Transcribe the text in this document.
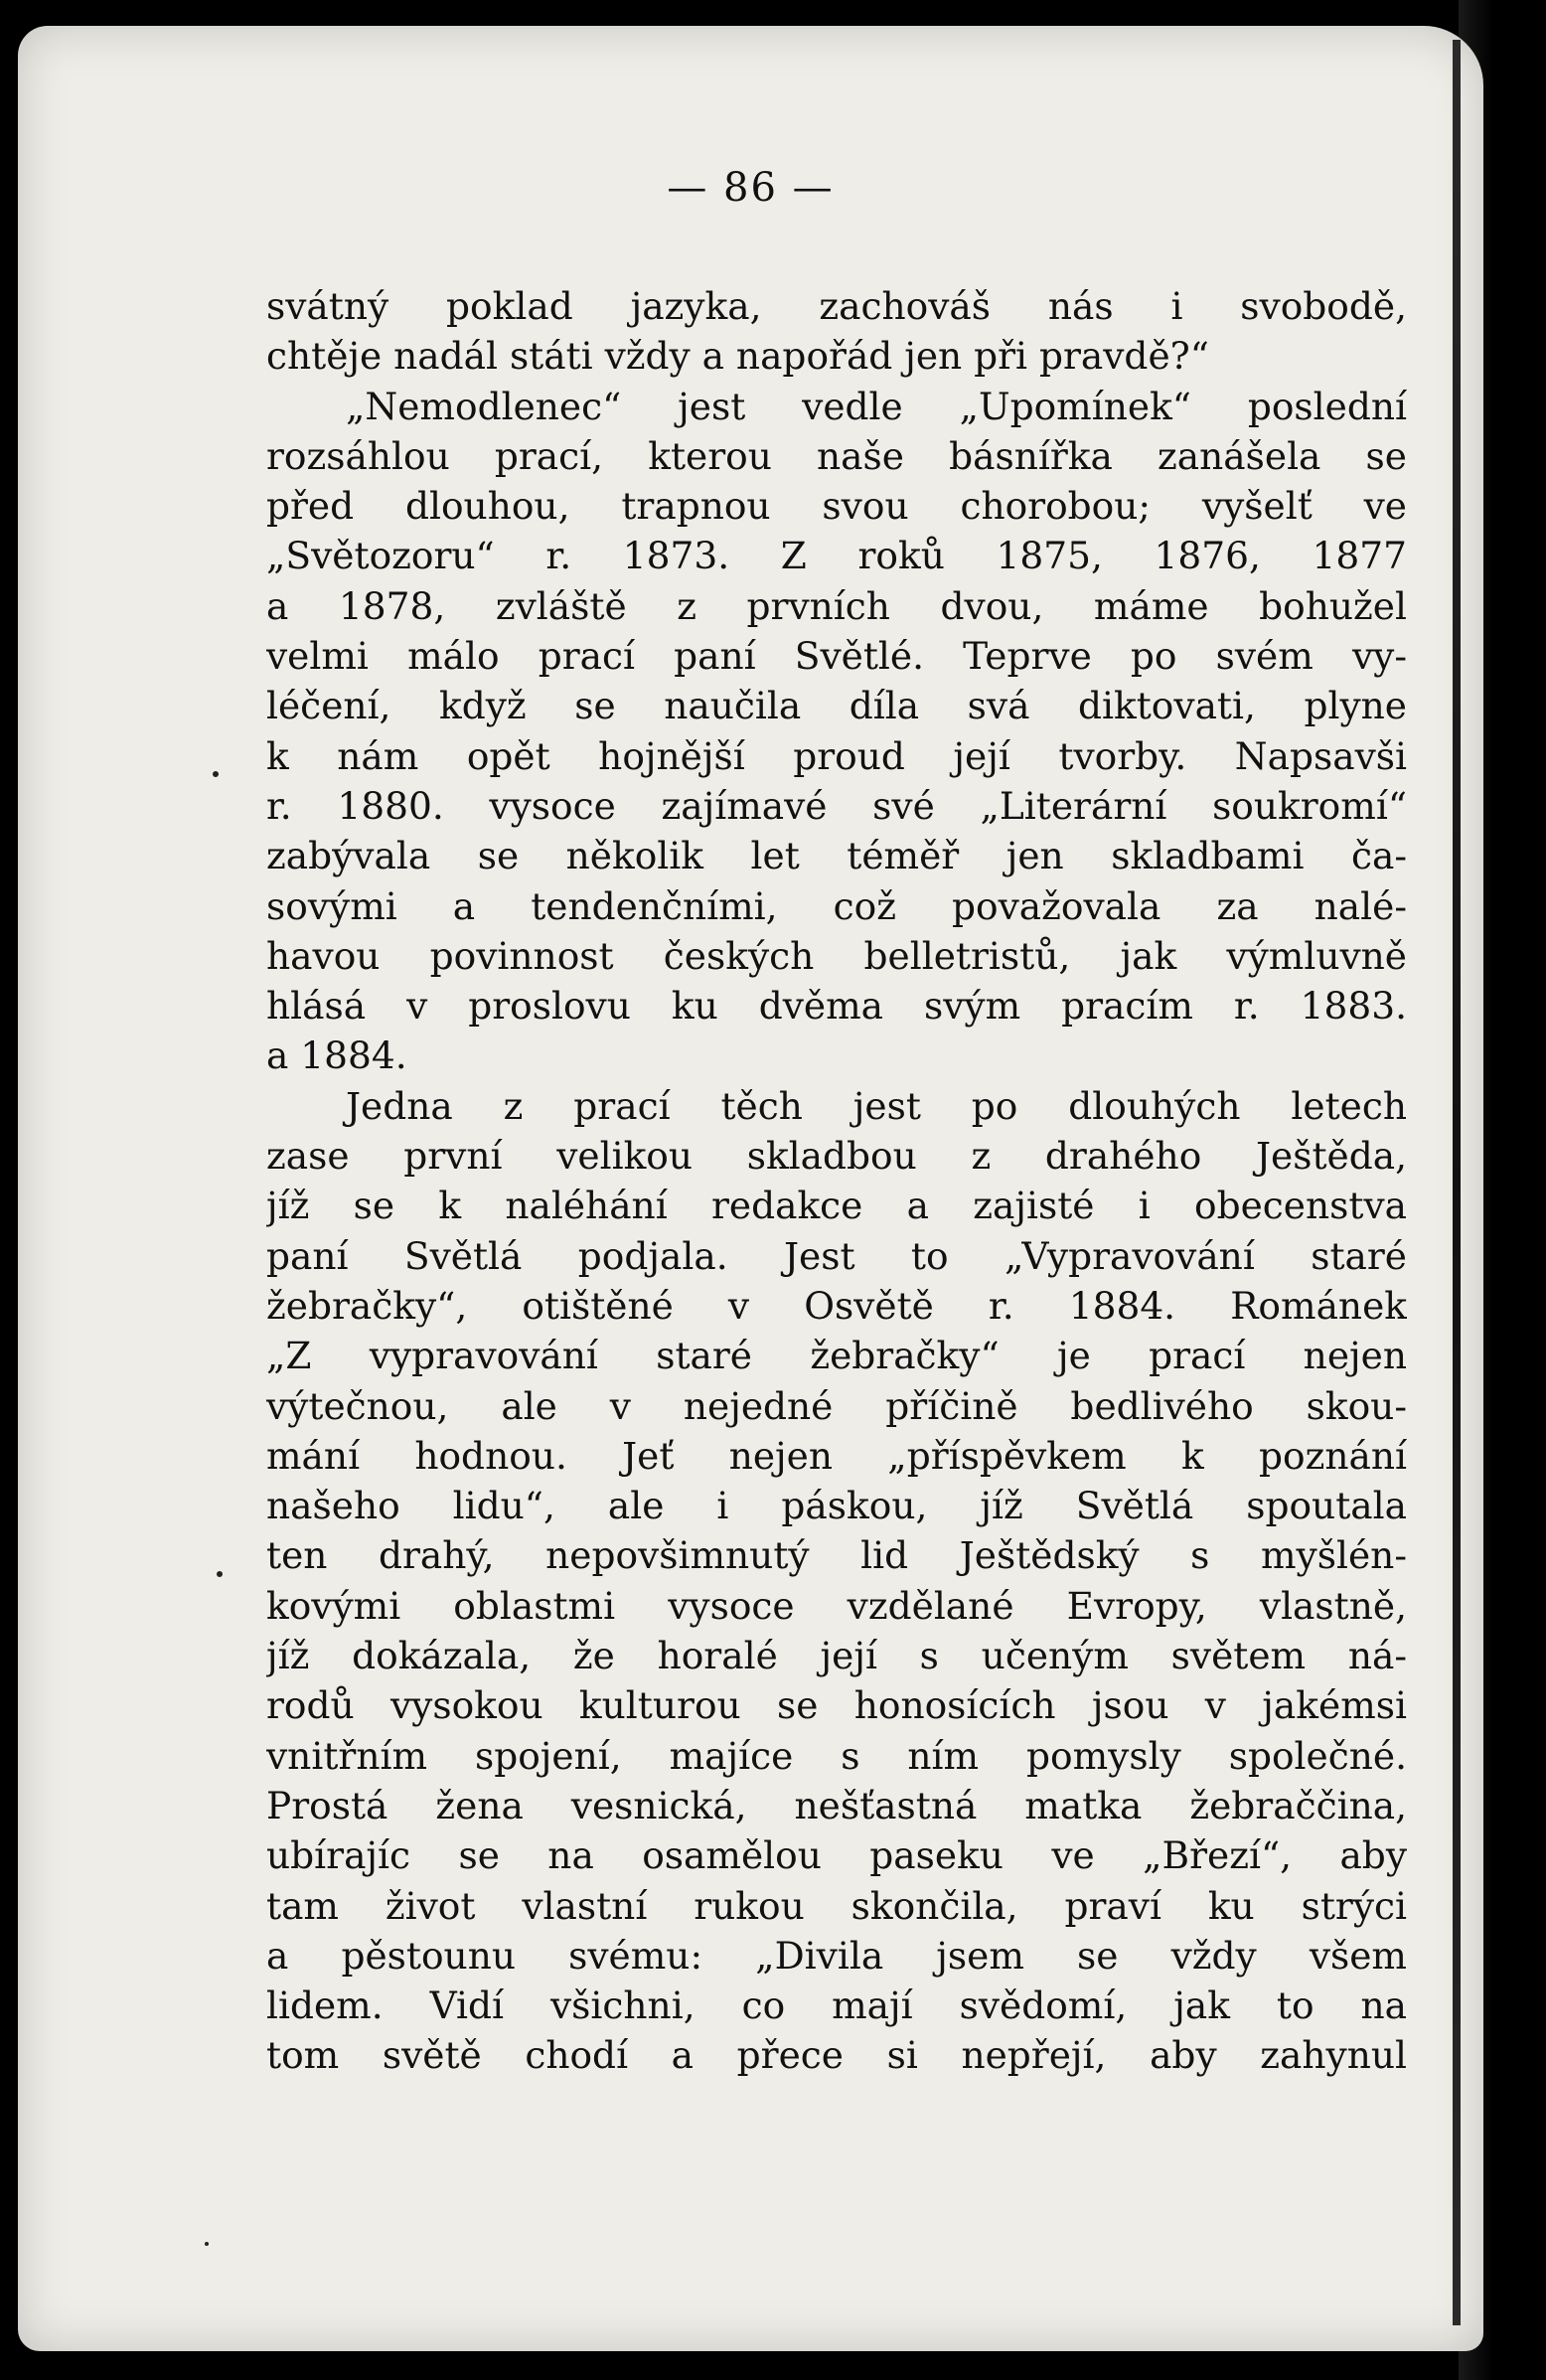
— 86 —
svátný poklad jazyka, zachováš nás i svobodě,
chtěje nadál státi vždy a napořád jen při pravdě?“
„Nemodlenec“ jest vedle „Upomínek“ poslední
rozsáhlou prací, kterou naše básnířka zanášela se
před dlouhou, trapnou svou chorobou; vyšelť ve
„Světozoru“ r. 1873. Z roků 1875, 1876, 1877
a 1878, zvláště z prvních dvou, máme bohužel
velmi málo prací paní Světlé. Teprve po svém vy-
léčení, když se naučila díla svá diktovati, plyne
k nám opět hojnější proud její tvorby. Napsavši
r. 1880. vysoce zajímavé své „Literární soukromí“
zabývala se několik let téměř jen skladbami ča-
sovými a tendenčními, což považovala za nalé-
havou povinnost českých belletristů, jak výmluvně
hlásá v proslovu ku dvěma svým pracím r. 1883.
a 1884.
Jedna z prací těch jest po dlouhých letech
zase první velikou skladbou z drahého Ještěda,
jíž se k naléhání redakce a zajisté i obecenstva
paní Světlá podjala. Jest to „Vypravování staré
žebračky“, otištěné v Osvětě r. 1884. Románek
„Z vypravování staré žebračky“ je prací nejen
výtečnou, ale v nejedné příčině bedlivého skou-
mání hodnou. Jeť nejen „příspěvkem k poznání
našeho lidu“, ale i páskou, jíž Světlá spoutala
ten drahý, nepovšimnutý lid Ještědský s myšlén-
kovými oblastmi vysoce vzdělané Evropy, vlastně,
jíž dokázala, že horalé její s učeným světem ná-
rodů vysokou kulturou se honosících jsou v jakémsi
vnitřním spojení, majíce s ním pomysly společné.
Prostá žena vesnická, nešťastná matka žebraččina,
ubírajíc se na osamělou paseku ve „Březí“, aby
tam život vlastní rukou skončila, praví ku strýci
a pěstounu svému: „Divila jsem se vždy všem
lidem. Vidí všichni, co mají svědomí, jak to na
tom světě chodí a přece si nepřejí, aby zahynul
